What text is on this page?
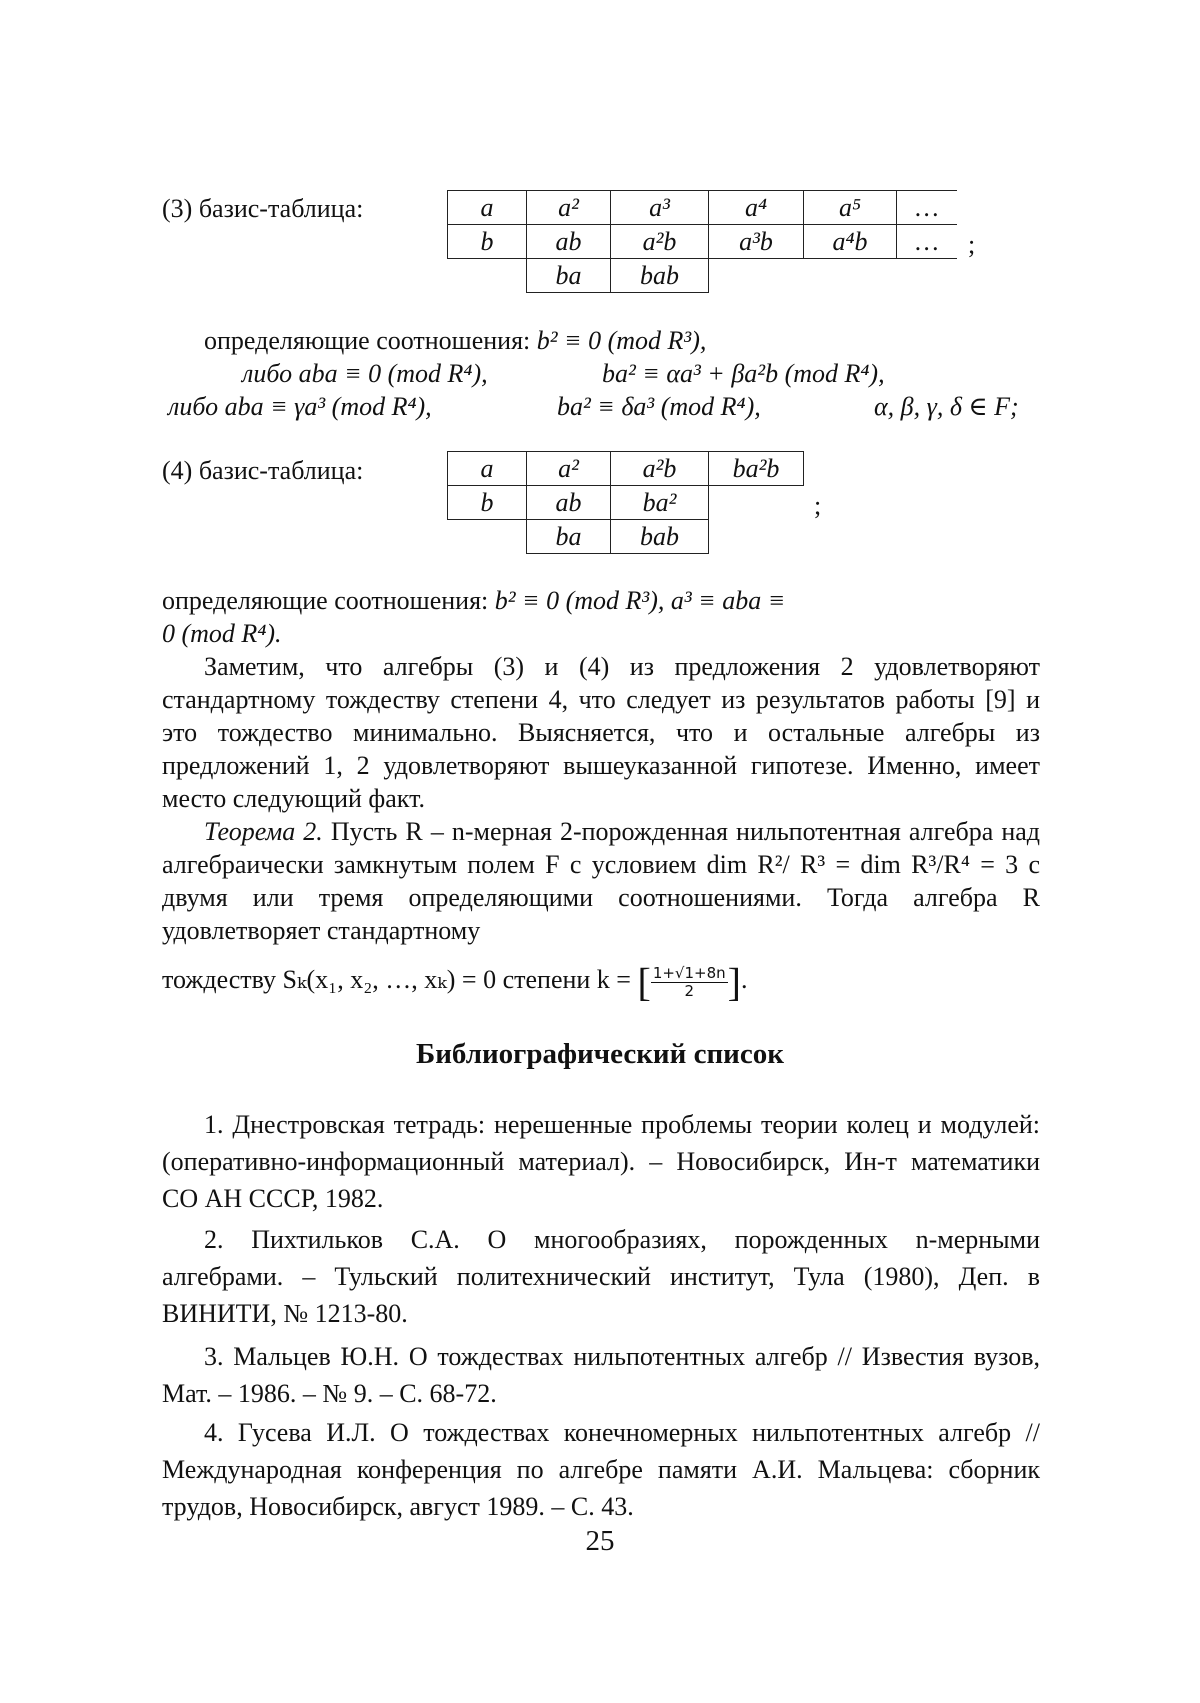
(3) базис-таблица:	a	a²	a³	a⁴	a⁵	…
b	ab	a²b	a³b	a⁴b	…
	ba	bab			
;
определяющие соотношения: b² ≡ 0 (mod R³),
либо aba ≡ 0 (mod R⁴),	ba² ≡ αa³ + βa²b (mod R⁴),
либо aba ≡ γa³ (mod R⁴),	ba² ≡ δa³ (mod R⁴),	α, β, γ, δ ∈ F;
(4) базис-таблица:	a	a²	a²b	ba²b
b	ab	ba²	
	ba	bab	
;
определяющие соотношения: b² ≡ 0 (mod R³), a³ ≡ aba ≡
0 (mod R⁴).
Заметим, что алгебры (3) и (4) из предложения 2 удовлетворяют стандартному тождеству степени 4, что следует из результатов работы [9] и это тождество минимально. Выясняется, что и остальные алгебры из предложений 1, 2 удовлетворяют вышеуказанной гипотезе. Именно, имеет место следующий факт.
Теорема 2. Пусть R – n-мерная 2-порожденная нильпотентная алгебра над алгебраически замкнутым полем F с условием dim R²/ R³ = dim R³/R⁴ = 3 с двумя или тремя определяющими соотношениями. Тогда алгебра R удовлетворяет стандартному
тождеству Sₖ(x₁, x₂, …, xₖ) = 0 степени k = [ 1+√1+8n
2 ].
Библиографический список
1. Днестровская тетрадь: нерешенные проблемы теории колец и модулей: (оперативно-информационный материал). – Новосибирск, Ин-т математики СО АН СССР, 1982.
2. Пихтильков С.А. О многообразиях, порожденных n-мерными алгебрами. – Тульский политехнический институт, Тула (1980), Деп. в ВИНИТИ, № 1213-80.
3. Мальцев Ю.Н. О тождествах нильпотентных алгебр // Известия вузов, Мат. – 1986. – № 9. – С. 68-72.
4. Гусева И.Л. О тождествах конечномерных нильпотентных алгебр // Международная конференция по алгебре памяти А.И. Мальцева: сборник трудов, Новосибирск, август 1989. – С. 43.
25
